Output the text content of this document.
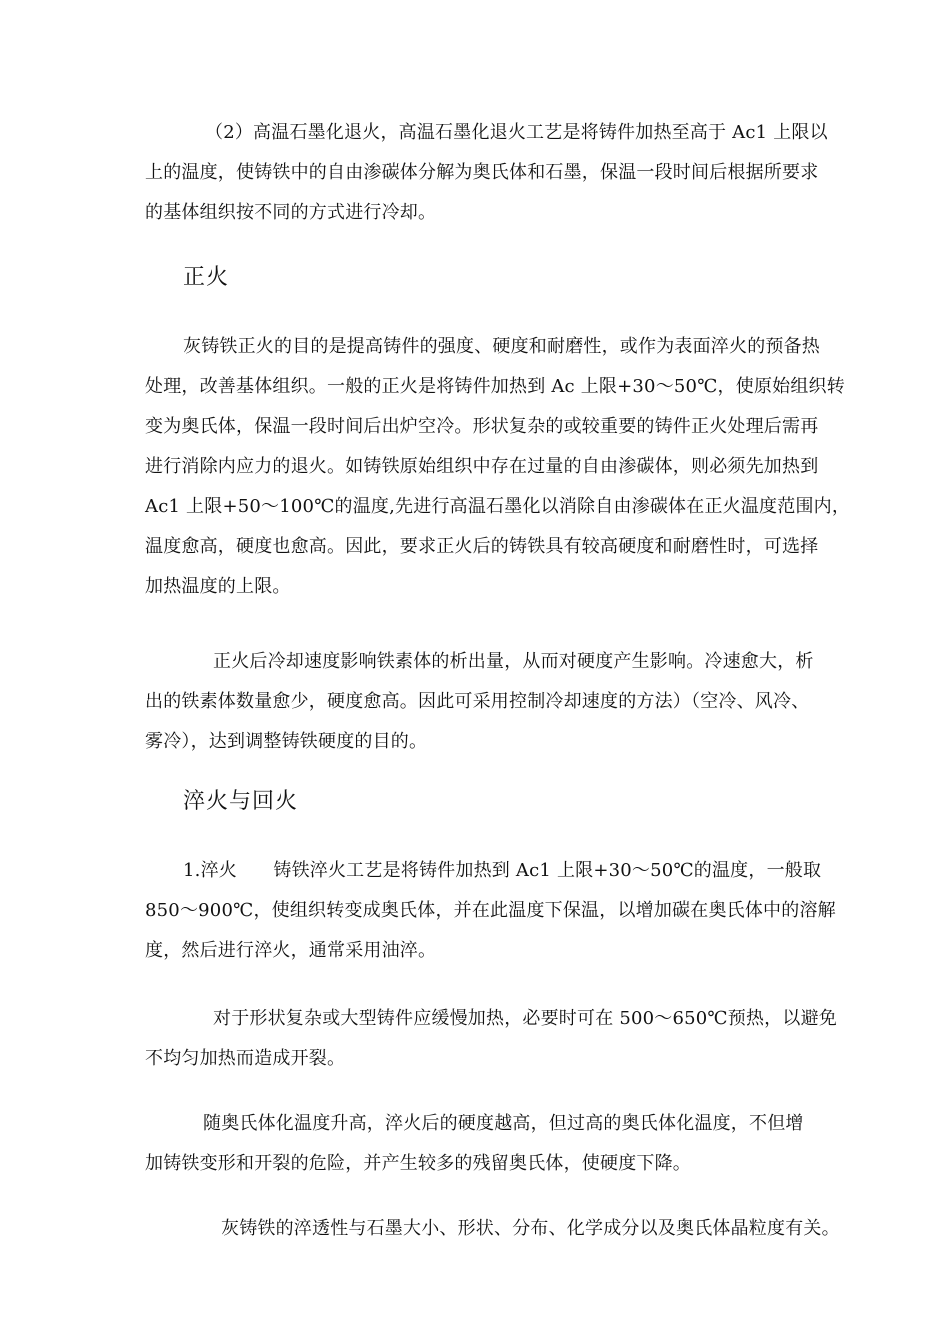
（2）高温石墨化退火，高温石墨化退火工艺是将铸件加热至高于 Ac1 上限以
上的温度，使铸铁中的自由渗碳体分解为奥氏体和石墨，保温一段时间后根据所要求
的基体组织按不同的方式进行冷却。
正火
灰铸铁正火的目的是提高铸件的强度、硬度和耐磨性，或作为表面淬火的预备热
处理，改善基体组织。一般的正火是将铸件加热到 Ac 上限+30～50℃，使原始组织转
变为奥氏体，保温一段时间后出炉空冷。形状复杂的或较重要的铸件正火处理后需再
进行消除内应力的退火。如铸铁原始组织中存在过量的自由渗碳体，则必须先加热到
Ac1 上限+50～100℃的温度,先进行高温石墨化以消除自由渗碳体在正火温度范围内，
温度愈高，硬度也愈高。因此，要求正火后的铸铁具有较高硬度和耐磨性时，可选择
加热温度的上限。
正火后冷却速度影响铁素体的析出量，从而对硬度产生影响。冷速愈大，析
出的铁素体数量愈少，硬度愈高。因此可采用控制冷却速度的方法）（空冷、风冷、
雾冷），达到调整铸铁硬度的目的。
淬火与回火
1.淬火　　铸铁淬火工艺是将铸件加热到 Ac1 上限+30～50℃的温度，一般取
850～900℃，使组织转变成奥氏体，并在此温度下保温，以增加碳在奥氏体中的溶解
度，然后进行淬火，通常采用油淬。
对于形状复杂或大型铸件应缓慢加热，必要时可在 500～650℃预热，以避免
不均匀加热而造成开裂。
随奥氏体化温度升高，淬火后的硬度越高，但过高的奥氏体化温度，不但增
加铸铁变形和开裂的危险，并产生较多的残留奥氏体，使硬度下降。
灰铸铁的淬透性与石墨大小、形状、分布、化学成分以及奥氏体晶粒度有关。
